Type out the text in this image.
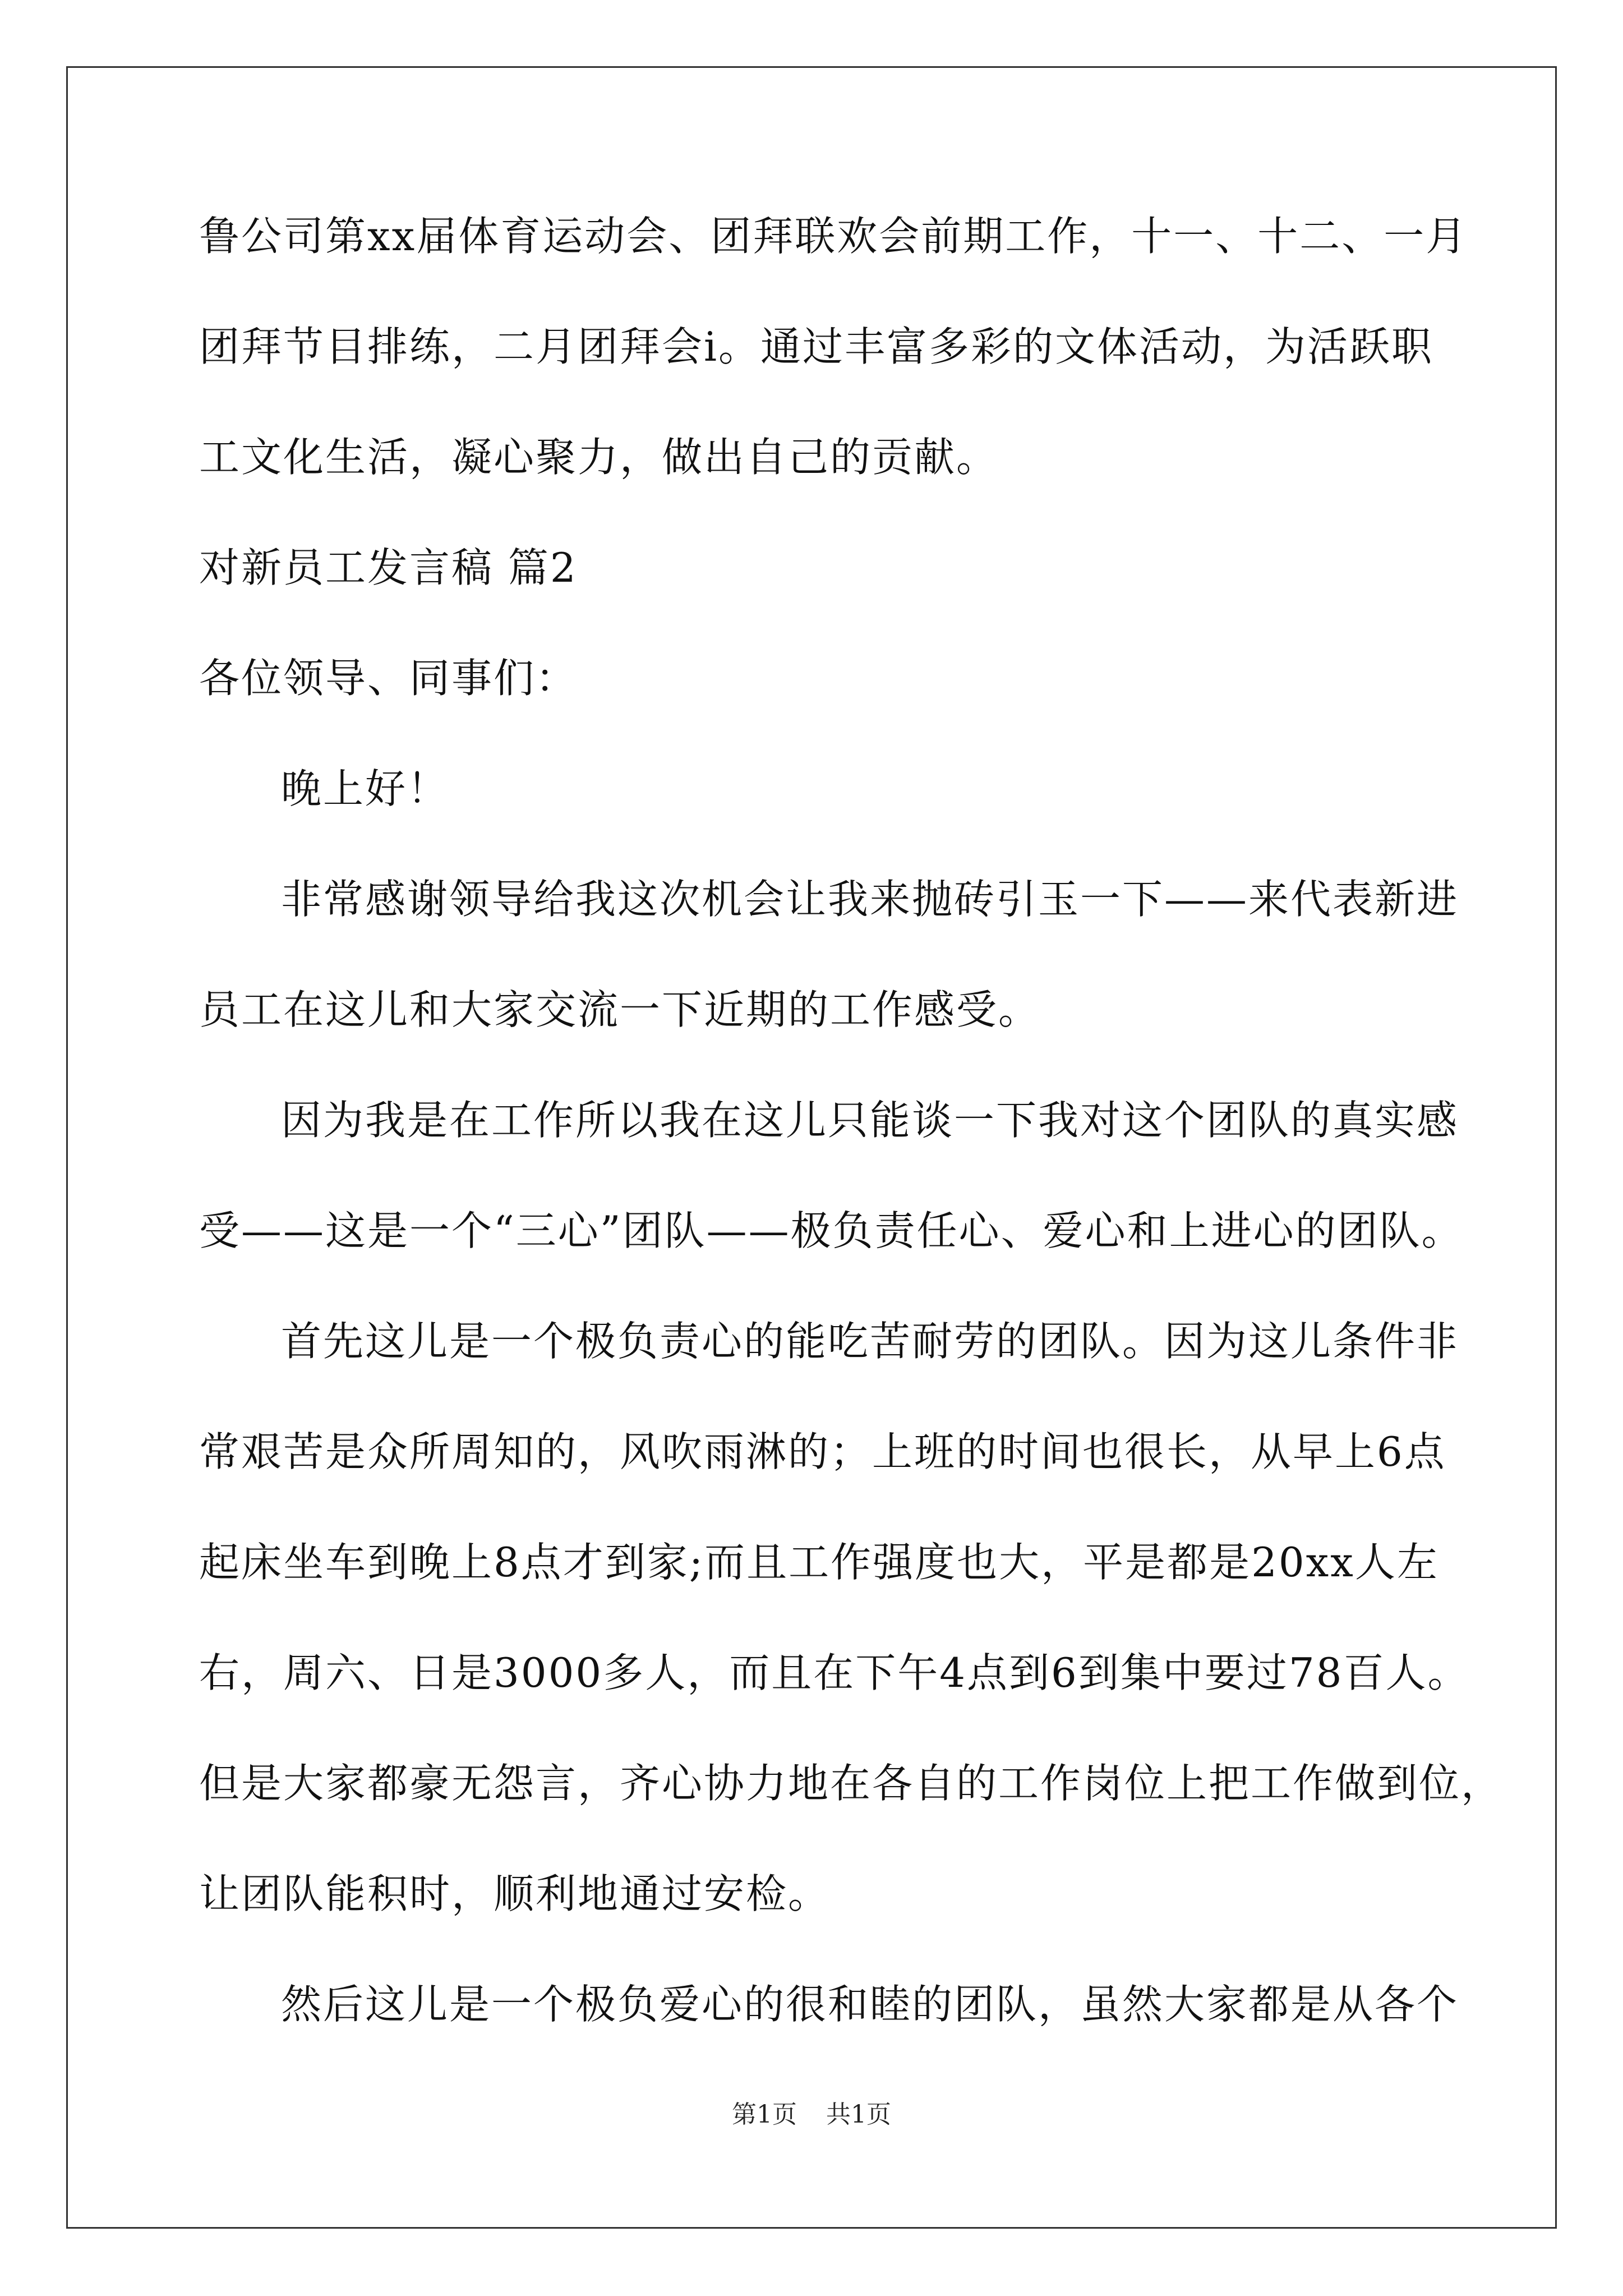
鲁公司第xx届体育运动会、团拜联欢会前期工作，十一、十二、一月

团拜节目排练，二月团拜会i。通过丰富多彩的文体活动，为活跃职

工文化生活，凝心聚力，做出自己的贡献。

对新员工发言稿 篇2

各位领导、同事们：

晚上好！

非常感谢领导给我这次机会让我来抛砖引玉一下——来代表新进

员工在这儿和大家交流一下近期的工作感受。

因为我是在工作所以我在这儿只能谈一下我对这个团队的真实感

受——这是一个“三心”团队——极负责任心、爱心和上进心的团队。

首先这儿是一个极负责心的能吃苦耐劳的团队。因为这儿条件非

常艰苦是众所周知的，风吹雨淋的；上班的时间也很长，从早上6点

起床坐车到晚上8点才到家;而且工作强度也大，平是都是20xx人左

右，周六、日是3000多人，而且在下午4点到6到集中要过78百人。

但是大家都豪无怨言，齐心协力地在各自的工作岗位上把工作做到位，

让团队能积时，顺利地通过安检。

然后这儿是一个极负爱心的很和睦的团队，虽然大家都是从各个

第1页 共1页
